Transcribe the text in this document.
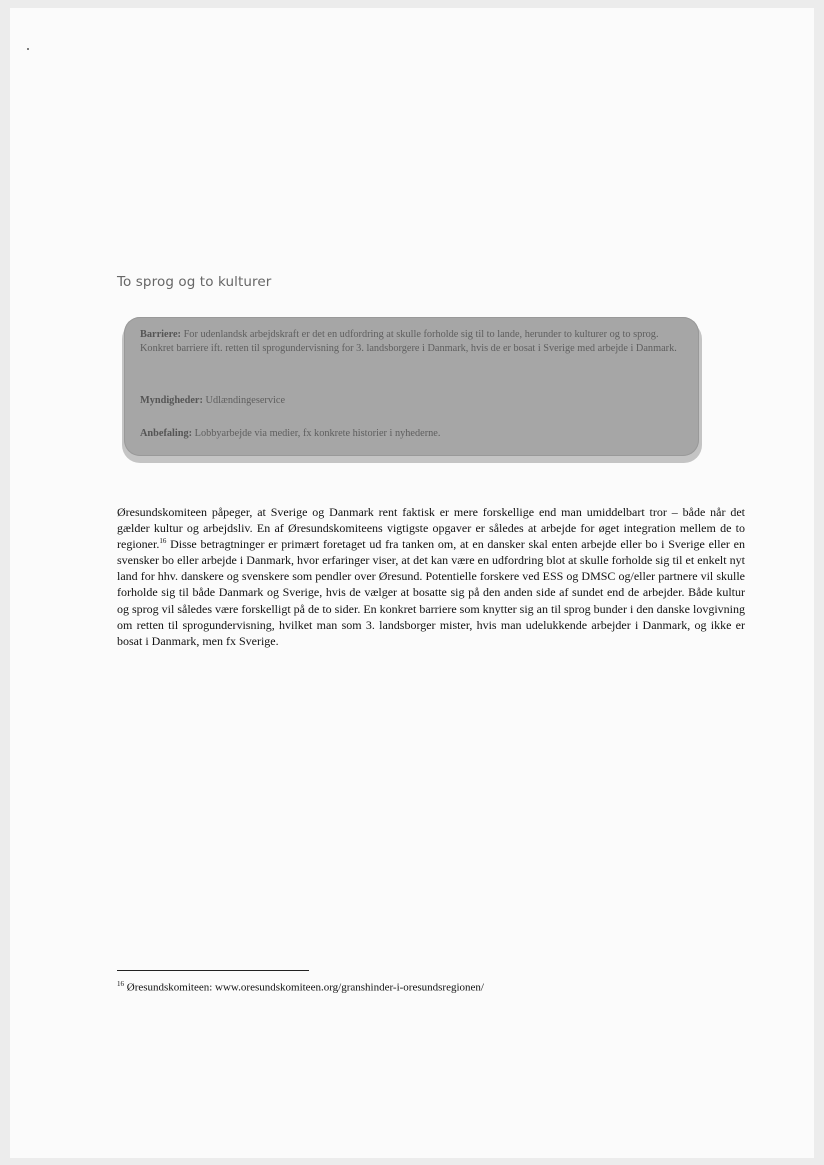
To sprog og to kulturer

Barriere: For udenlandsk arbejdskraft er det en udfordring at skulle forholde sig til to lande, herunder to kulturer og to sprog. Konkret barriere ift. retten til sprogundervisning for 3. landsborgere i Danmark, hvis de er bosat i Sverige med arbejde i Danmark.

Myndigheder: Udlændingeservice

Anbefaling: Lobbyarbejde via medier, fx konkrete historier i nyhederne.

Øresundskomiteen påpeger, at Sverige og Danmark rent faktisk er mere forskellige end man umiddelbart tror – både når det gælder kultur og arbejdsliv. En af Øresundskomiteens vigtigste opgaver er således at arbejde for øget integration mellem de to regioner.$^{16}$ Disse betragtninger er primært foretaget ud fra tanken om, at en dansker skal enten arbejde eller bo i Sverige eller en svensker bo eller arbejde i Danmark, hvor erfaringer viser, at det kan være en udfordring blot at skulle forholde sig til et enkelt nyt land for hhv. danskere og svenskere som pendler over Øresund. Potentielle forskere ved ESS og DMSC og/eller partnere vil skulle forholde sig til både Danmark og Sverige, hvis de vælger at bosatte sig på den anden side af sundet end de arbejder. Både kultur og sprog vil således være forskelligt på de to sider. En konkret barriere som knytter sig an til sprog bunder i den danske lovgivning om retten til sprogundervisning, hvilket man som 3. landsborger mister, hvis man udelukkende arbejder i Danmark, og ikke er bosat i Danmark, men fx Sverige.

$^{16}$ Øresundskomiteen: www.oresundskomiteen.org/granshinder-i-oresundsregionen/
